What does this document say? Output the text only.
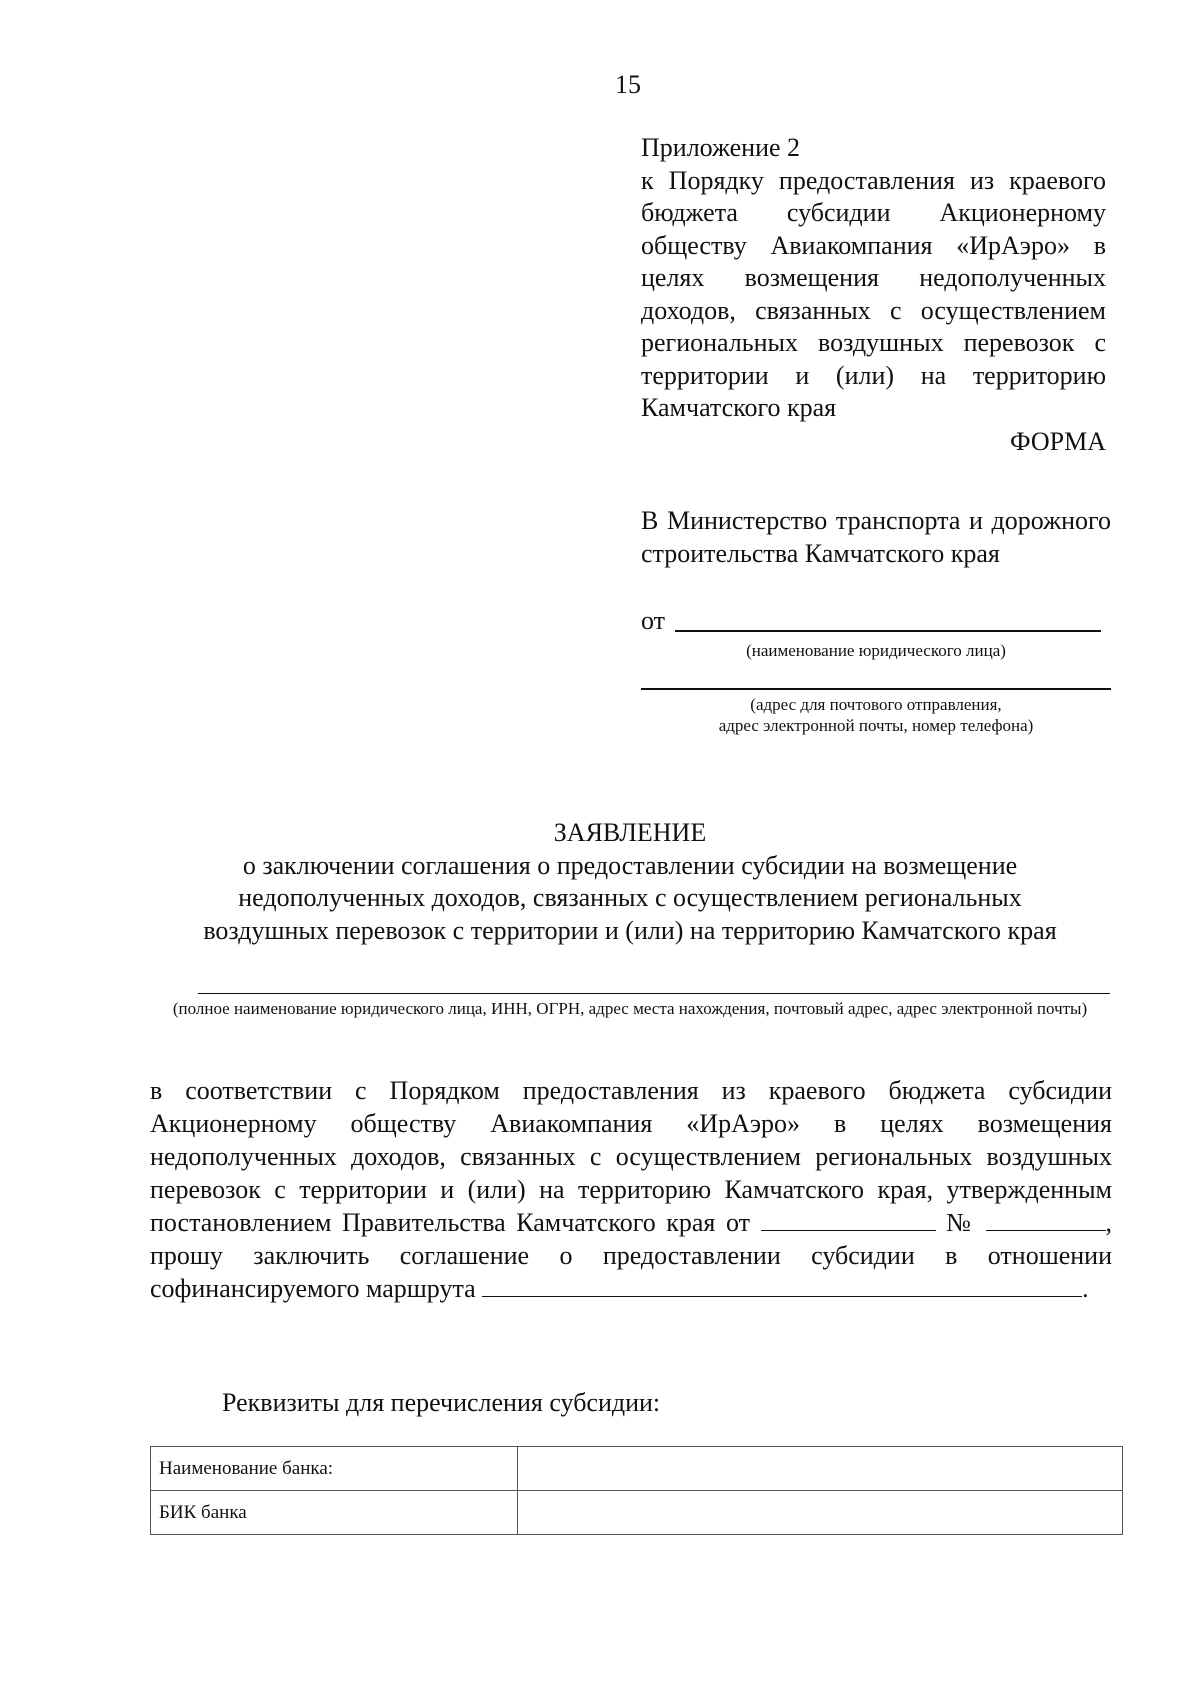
15
Приложение 2
к Порядку предоставления из краевого бюджета субсидии Акционерному обществу Авиакомпания «ИрАэро» в целях возмещения недополученных доходов, связанных с осуществлением региональных воздушных перевозок с территории и (или) на территорию Камчатского края
ФОРМА
В Министерство транспорта и дорожного строительства Камчатского края
от
(наименование юридического лица)
(адрес для почтового отправления,
адрес электронной почты, номер телефона)
ЗАЯВЛЕНИЕ
о заключении соглашения о предоставлении субсидии на возмещение
недополученных доходов, связанных с осуществлением региональных
воздушных перевозок с территории и (или) на территорию Камчатского края
(полное наименование юридического лица, ИНН, ОГРН, адрес места нахождения, почтовый адрес, адрес электронной почты)

в соответствии с Порядком предоставления из краевого бюджета субсидии Акционерному обществу Авиакомпания «ИрАэро» в целях возмещения недополученных доходов, связанных с осуществлением региональных воздушных перевозок с территории и (или) на территорию Камчатского края, утвержденным постановлением Правительства Камчатского края от	№	, прошу заключить соглашение о предоставлении субсидии в отношении софинансируемого маршрута	.

Реквизиты для перечисления субсидии:
Наименование банка:	
БИК банка	
